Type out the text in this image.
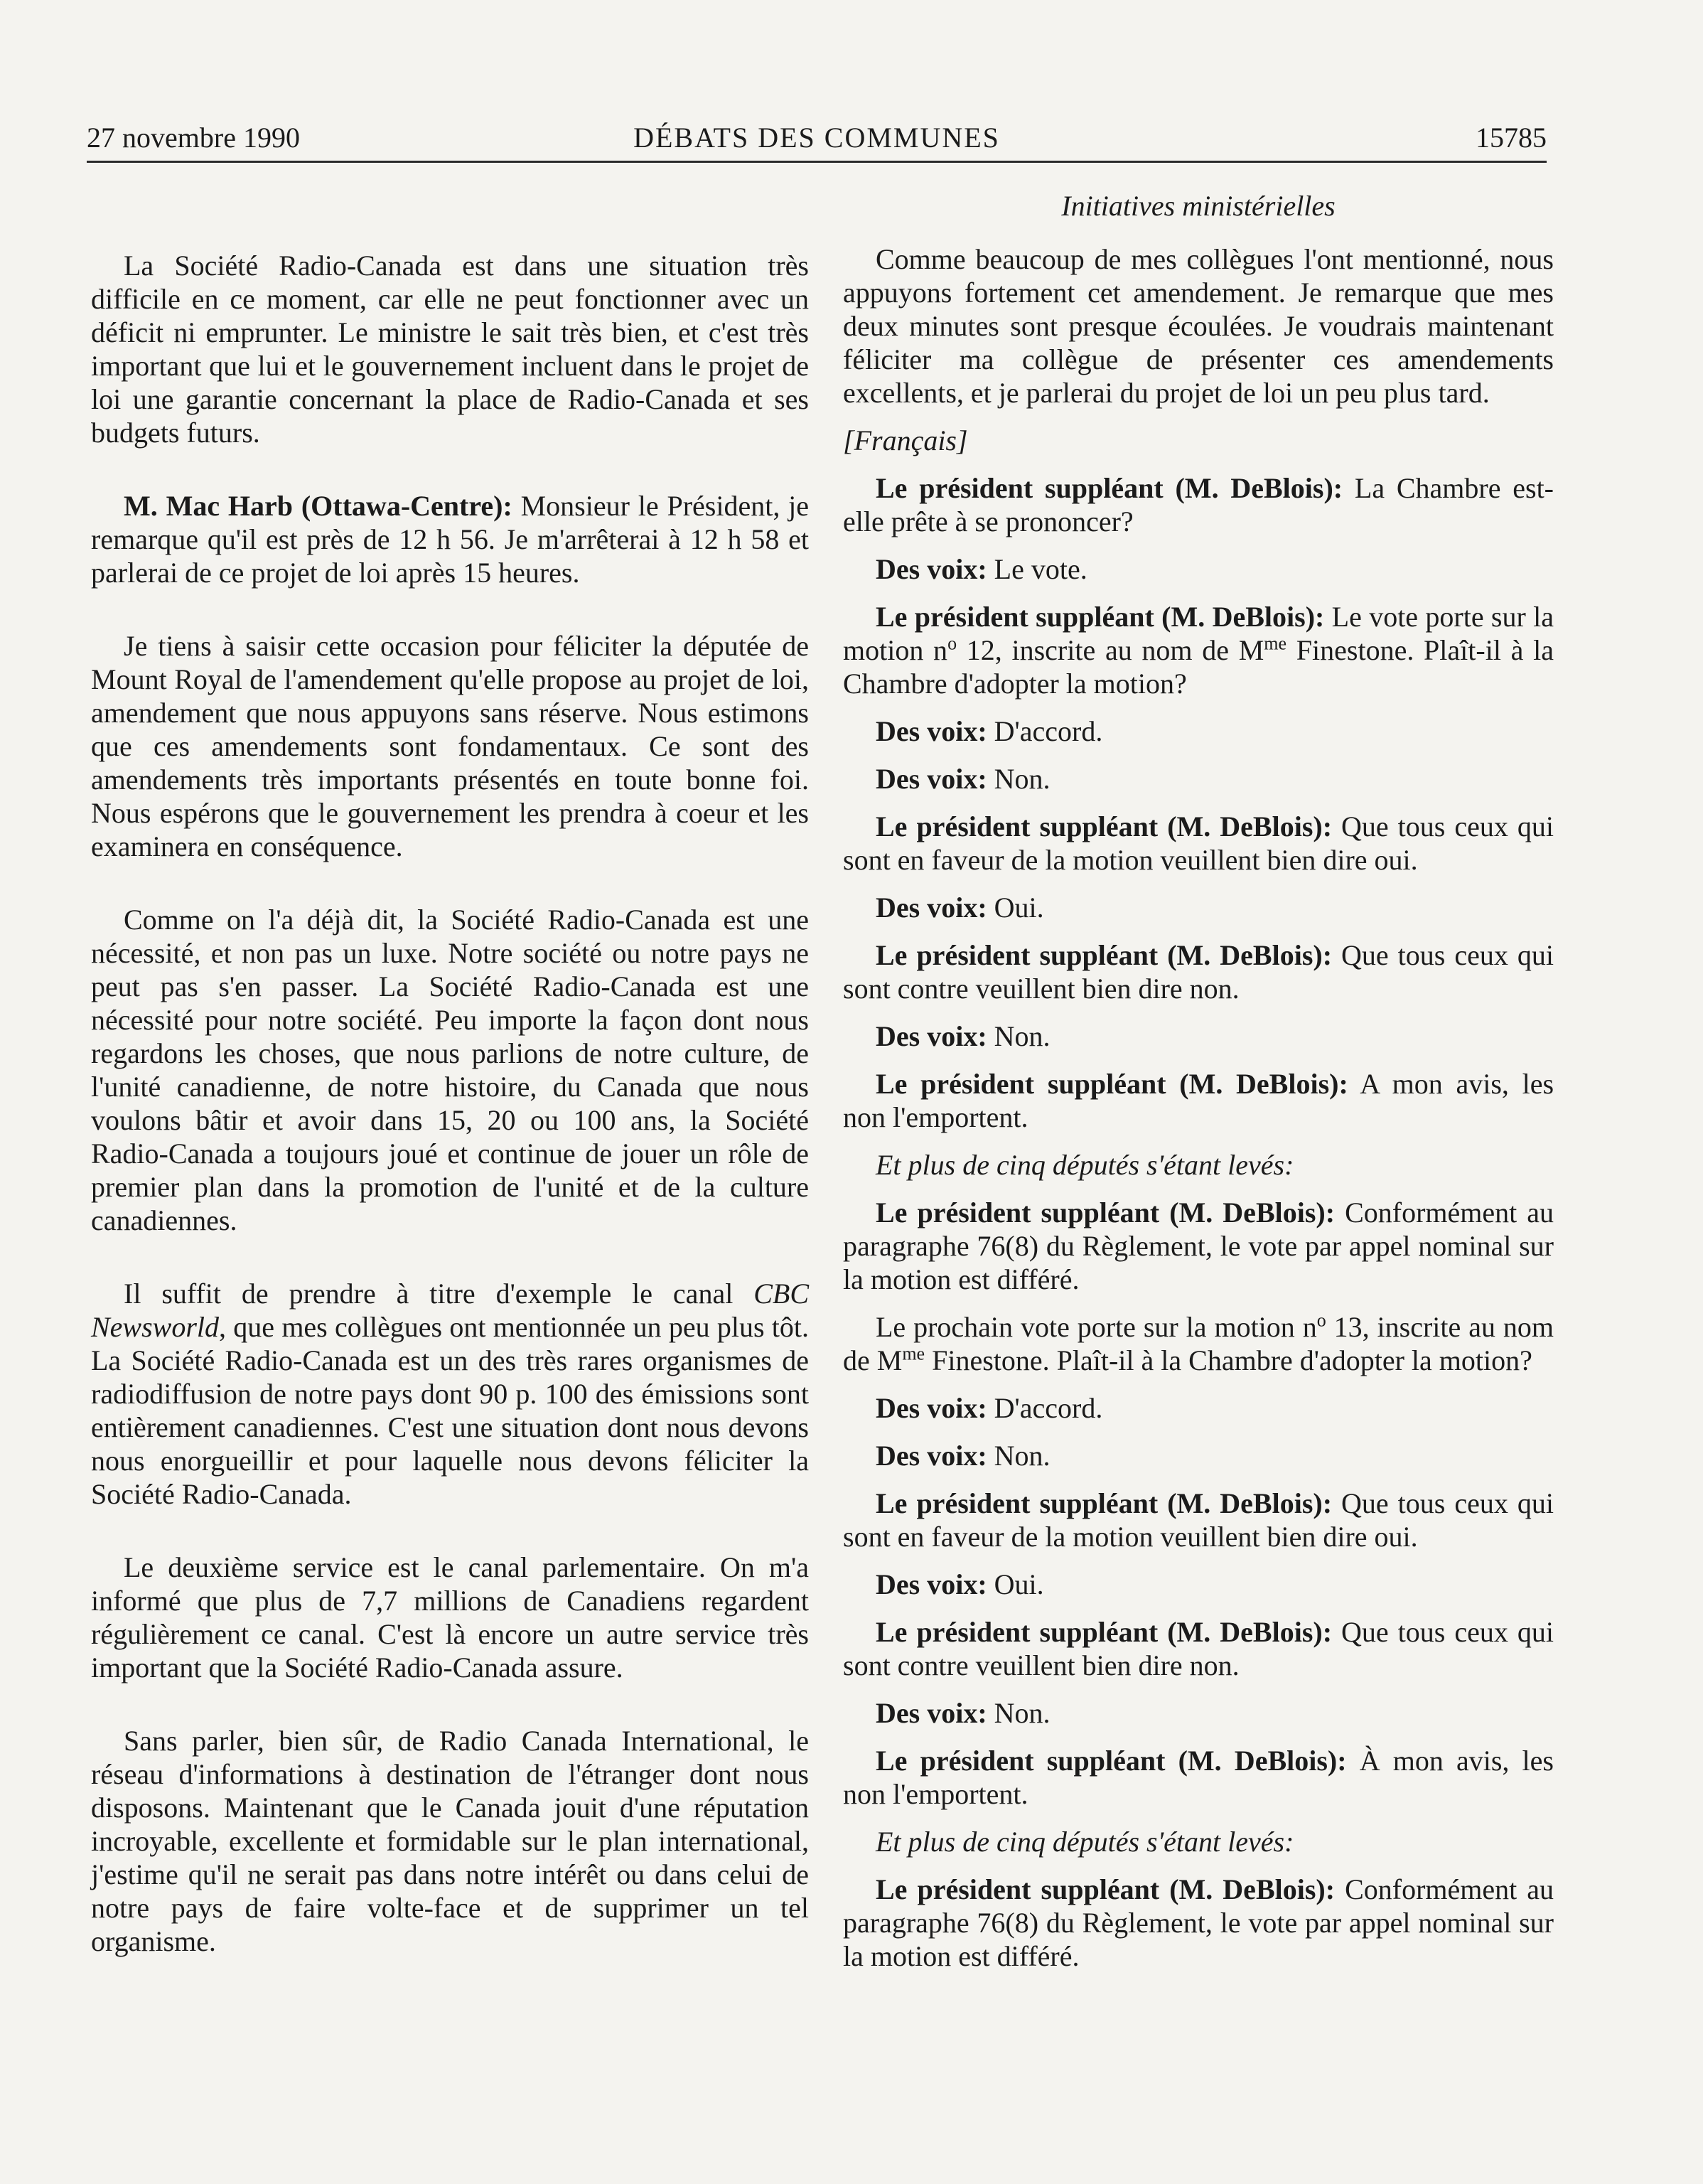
27 novembre 1990	DÉBATS DES COMMUNES	15785

La Société Radio-Canada est dans une situation très difficile en ce moment, car elle ne peut fonctionner avec un déficit ni emprunter. Le ministre le sait très bien, et c'est très important que lui et le gouvernement incluent dans le projet de loi une garantie concernant la place de Radio-Canada et ses budgets futurs.

M. Mac Harb (Ottawa-Centre): Monsieur le Président, je remarque qu'il est près de 12 h 56. Je m'arrêterai à 12 h 58 et parlerai de ce projet de loi après 15 heures.

Je tiens à saisir cette occasion pour féliciter la députée de Mount Royal de l'amendement qu'elle propose au projet de loi, amendement que nous appuyons sans réserve. Nous estimons que ces amendements sont fondamentaux. Ce sont des amendements très importants présentés en toute bonne foi. Nous espérons que le gouvernement les prendra à coeur et les examinera en conséquence.

Comme on l'a déjà dit, la Société Radio-Canada est une nécessité, et non pas un luxe. Notre société ou notre pays ne peut pas s'en passer. La Société Radio-Canada est une nécessité pour notre société. Peu importe la façon dont nous regardons les choses, que nous parlions de notre culture, de l'unité canadienne, de notre histoire, du Canada que nous voulons bâtir et avoir dans 15, 20 ou 100 ans, la Société Radio-Canada a toujours joué et continue de jouer un rôle de premier plan dans la promotion de l'unité et de la culture canadiennes.

Il suffit de prendre à titre d'exemple le canal CBC Newsworld, que mes collègues ont mentionnée un peu plus tôt. La Société Radio-Canada est un des très rares organismes de radiodiffusion de notre pays dont 90 p. 100 des émissions sont entièrement canadiennes. C'est une situation dont nous devons nous enorgueillir et pour laquelle nous devons féliciter la Société Radio-Canada.

Le deuxième service est le canal parlementaire. On m'a informé que plus de 7,7 millions de Canadiens regardent régulièrement ce canal. C'est là encore un autre service très important que la Société Radio-Canada assure.

Sans parler, bien sûr, de Radio Canada International, le réseau d'informations à destination de l'étranger dont nous disposons. Maintenant que le Canada jouit d'une réputation incroyable, excellente et formidable sur le plan international, j'estime qu'il ne serait pas dans notre intérêt ou dans celui de notre pays de faire volte-face et de supprimer un tel organisme.

Initiatives ministérielles

Comme beaucoup de mes collègues l'ont mentionné, nous appuyons fortement cet amendement. Je remarque que mes deux minutes sont presque écoulées. Je voudrais maintenant féliciter ma collègue de présenter ces amendements excellents, et je parlerai du projet de loi un peu plus tard.

[Français]

Le président suppléant (M. DeBlois): La Chambre est-elle prête à se prononcer?

Des voix: Le vote.

Le président suppléant (M. DeBlois): Le vote porte sur la motion $n^o$ 12, inscrite au nom de $M^{me}$ Finestone. Plaît-il à la Chambre d'adopter la motion?

Des voix: D'accord.

Des voix: Non.

Le président suppléant (M. DeBlois): Que tous ceux qui sont en faveur de la motion veuillent bien dire oui.

Des voix: Oui.

Le président suppléant (M. DeBlois): Que tous ceux qui sont contre veuillent bien dire non.

Des voix: Non.

Le président suppléant (M. DeBlois): A mon avis, les non l'emportent.

Et plus de cinq députés s'étant levés:

Le président suppléant (M. DeBlois): Conformément au paragraphe 76(8) du Règlement, le vote par appel nominal sur la motion est différé.

Le prochain vote porte sur la motion $n^o$ 13, inscrite au nom de $M^{me}$ Finestone. Plaît-il à la Chambre d'adopter la motion?

Des voix: D'accord.

Des voix: Non.

Le président suppléant (M. DeBlois): Que tous ceux qui sont en faveur de la motion veuillent bien dire oui.

Des voix: Oui.

Le président suppléant (M. DeBlois): Que tous ceux qui sont contre veuillent bien dire non.

Des voix: Non.

Le président suppléant (M. DeBlois): À mon avis, les non l'emportent.

Et plus de cinq députés s'étant levés:

Le président suppléant (M. DeBlois): Conformément au paragraphe 76(8) du Règlement, le vote par appel nominal sur la motion est différé.
